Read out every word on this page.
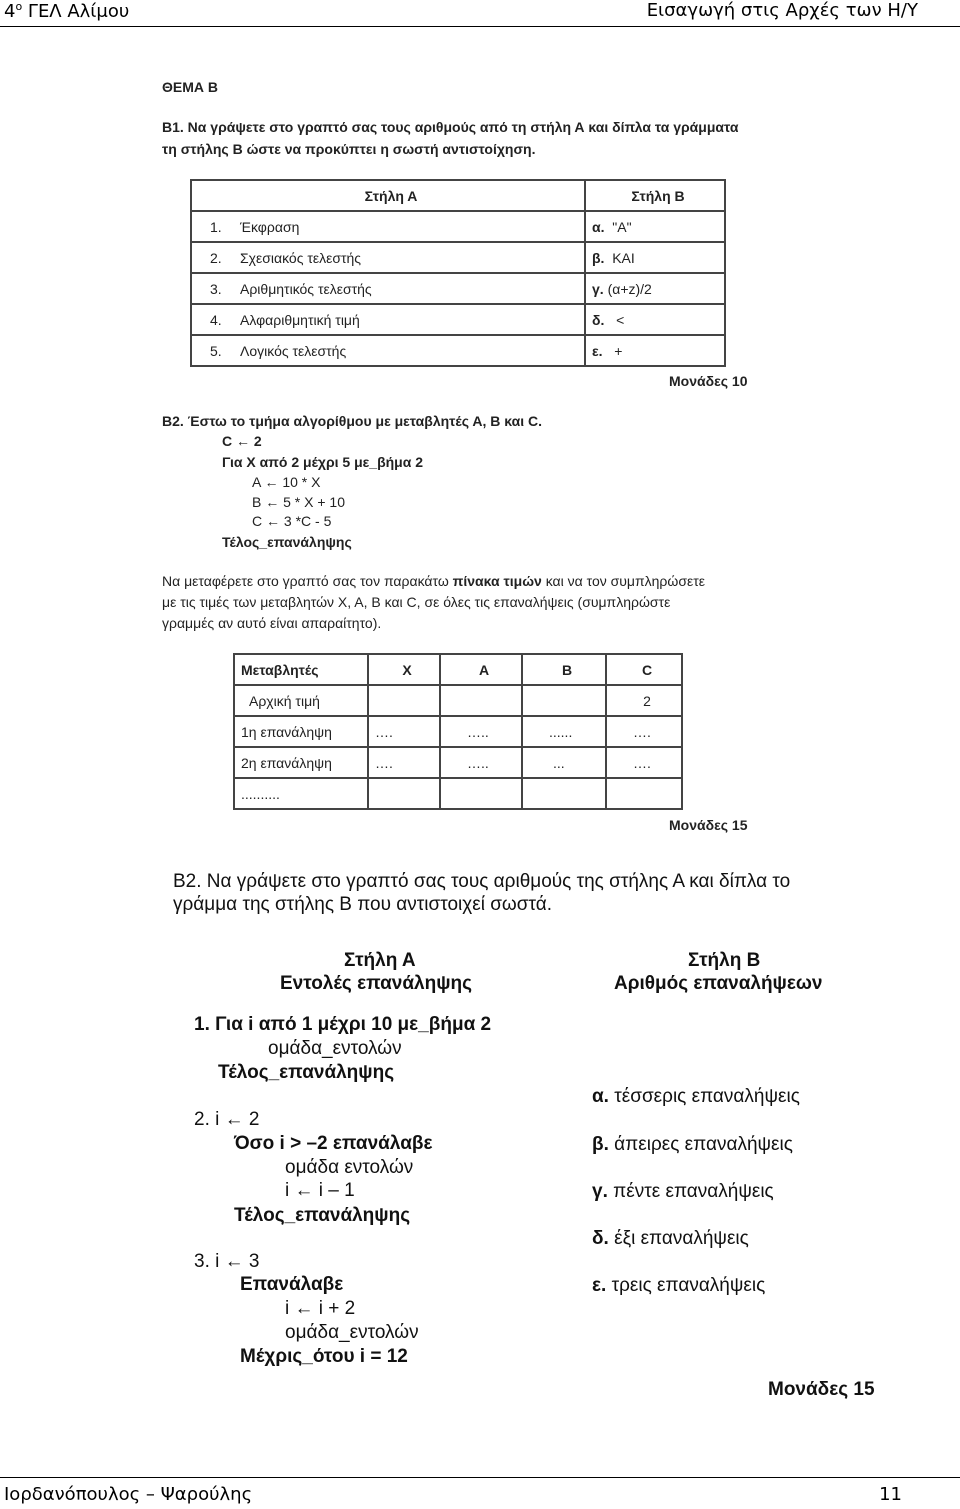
$4^o$ ΓΕΛ Αλίμου	Εισαγωγή στις Αρχές των Η/Υ
ΘΕΜΑ Β
Β1. Να γράψετε στο γραπτό σας τους αριθμούς από τη στήλη Α και δίπλα τα γράμματα
τη στήλης Β ώστε να προκύπτει η σωστή αντιστοίχηση.
Στήλη Α	Στήλη Β
1. Έκφραση	α. "Α"
2. Σχεσιακός τελεστής	β. ΚΑΙ
3. Αριθμητικός τελεστής	γ. (α+z)/2
4. Αλφαριθμητική τιμή	δ. <
5. Λογικός τελεστής	ε. +
Μονάδες 10
Β2. Έστω το τμήμα αλγορίθμου με μεταβλητές Α, Β και C.
C ← 2
Για Χ από 2 μέχρι 5 με_βήμα 2
A ← 10 * X
B ← 5 * X + 10
C ← 3 *C - 5
Τέλος_επανάληψης
Να μεταφέρετε στο γραπτό σας τον παρακάτω πίνακα τιμών και να τον συμπληρώσετε
με τις τιμές των μεταβλητών Χ, Α, Β και C, σε όλες τις επαναλήψεις (συμπληρώστε
γραμμές αν αυτό είναι απαραίτητο).
Μεταβλητές	Χ	Α	Β	C
Αρχική τιμή				2
1η επανάληψη	….	…..	......	….
2η επανάληψη	….	…..	...	….
..........				
Μονάδες 15
Β2. Να γράψετε στο γραπτό σας τους αριθμούς της στήλης Α και δίπλα το
γράμμα της στήλης Β που αντιστοιχεί σωστά.
Στήλη Α
Εντολές επανάληψης
Στήλη Β
Αριθμός επαναλήψεων
1. Για i από 1 μέχρι 10 με_βήμα 2
ομάδα_εντολών
Τέλος_επανάληψης
2. i ← 2
Όσο i > –2 επανάλαβε
ομάδα εντολών
i ← i – 1
Τέλος_επανάληψης
3. i ← 3
Επανάλαβε
i ← i + 2
ομάδα_εντολών
Μέχρις_ότου i = 12
α. τέσσερις επαναλήψεις
β. άπειρες επαναλήψεις
γ. πέντε επαναλήψεις
δ. έξι επαναλήψεις
ε. τρεις επαναλήψεις
Μονάδες 15
Ιορδανόπουλος – Ψαρούλης	11
